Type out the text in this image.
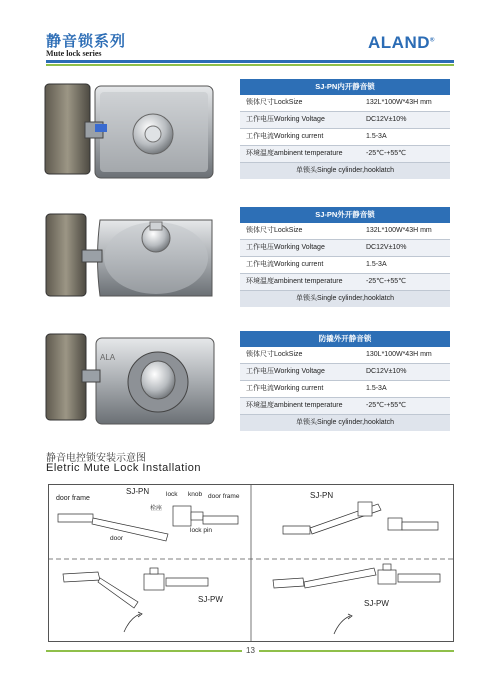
静音锁系列
Mute lock series
ALAND®
SJ-PN内开静音锁
锁体尺寸LockSize	132L*100W*43H mm
工作电压Working Voltage	DC12V±10%
工作电流Working current	1.5-3A
环境温度ambinent temperature	-25℃-+55℃
单锁头Single cylinder,hooklatch
SJ-PN外开静音锁
锁体尺寸LockSize	132L*100W*43H mm
工作电压Working Voltage	DC12V±10%
工作电流Working current	1.5-3A
环境温度ambinent temperature	-25℃-+55℃
单锁头Single cylinder,hooklatch
ALA
防撬外开静音锁
锁体尺寸LockSize	130L*100W*43H mm
工作电压Working Voltage	DC12V±10%
工作电流Working current	1.5-3A
环境温度ambinent temperature	-25℃-+55℃
单锁头Single cylinder,hooklatch
静音电控锁安装示意图
Eletric Mute Lock Installation
door frame
SJ-PN	lock knob door frame
栓座
door
lock pin
SJ-PN
SJ-PW	SJ-PW
13
